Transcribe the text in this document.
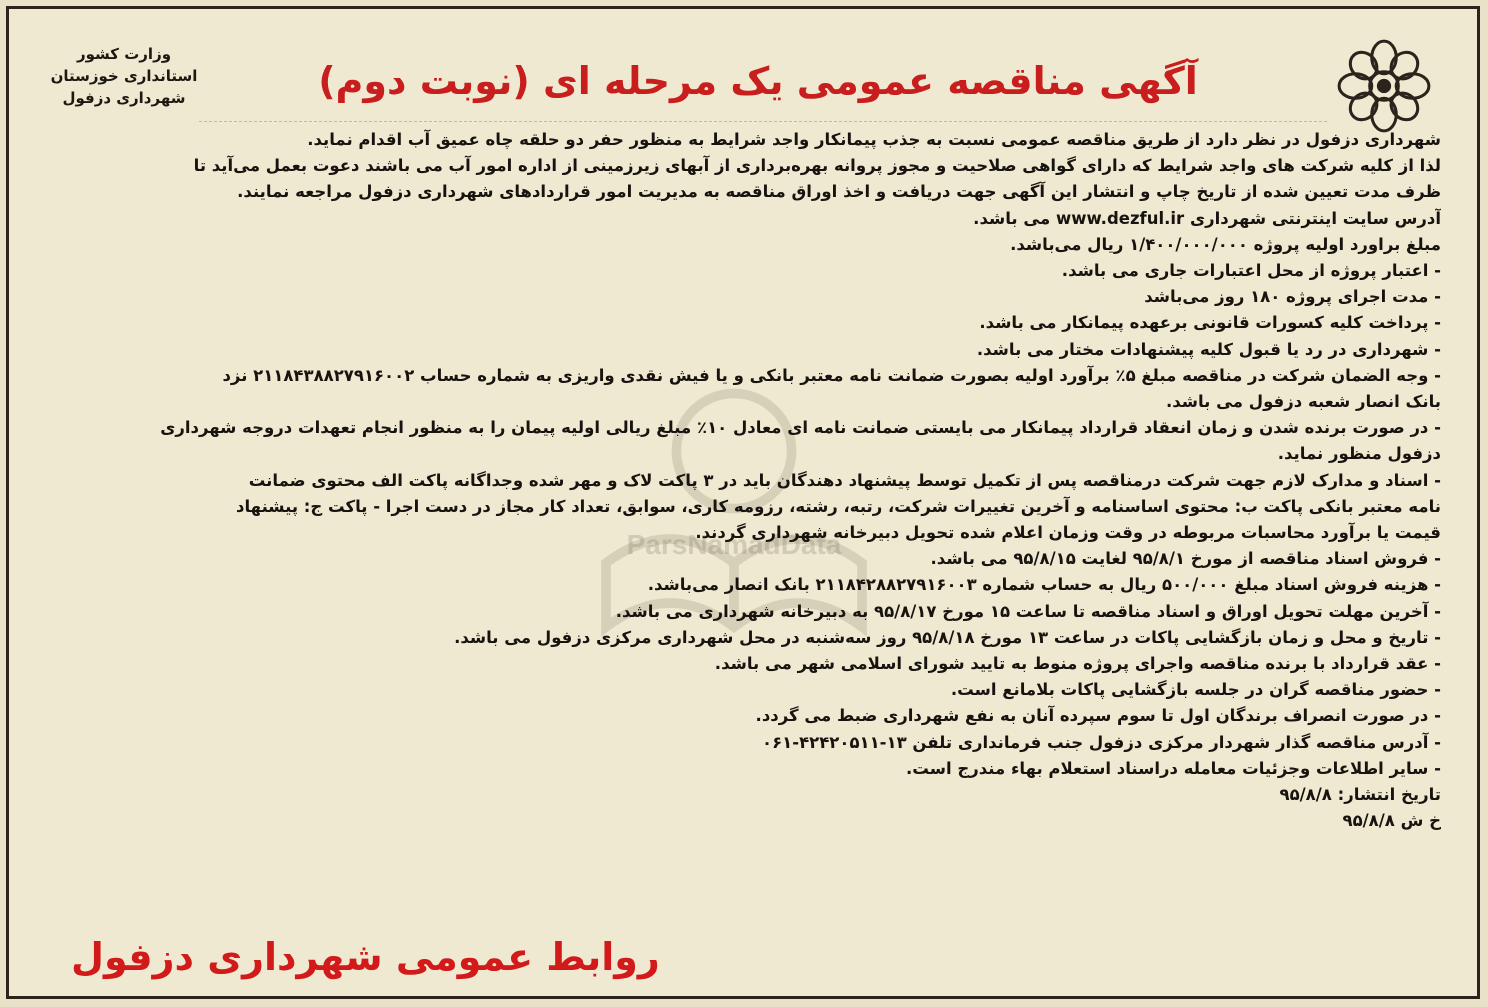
وزارت کشور
استانداری خوزستان
شهرداری دزفول	آگهی مناقصه عمومی یک مرحله ای (نوبت دوم)
ParsNamadData
شهرداری دزفول در نظر دارد از طریق مناقصه عمومی نسبت به جذب پیمانکار واجد شرایط به منظور حفر دو حلقه چاه عمیق آب اقدام نماید.
لذا از کلیه شرکت های واجد شرایط که دارای گواهی صلاحیت و مجوز پروانه بهره‌برداری از آبهای زیرزمینی از اداره امور آب می باشند دعوت بعمل می‌آید تا
ظرف مدت تعیین شده از تاریخ چاپ و انتشار این آگهی جهت دریافت و اخذ اوراق مناقصه به مدیریت امور قراردادهای شهرداری دزفول مراجعه نمایند.
آدرس سایت اینترنتی شهرداری www.dezful.ir می باشد.
مبلغ براورد اولیه پروژه ۱/۴۰۰/۰۰۰/۰۰۰ ریال می‌باشد.
- اعتبار پروژه از محل اعتبارات جاری می باشد.
- مدت اجرای پروژه ۱۸۰ روز می‌باشد
- پرداخت کلیه کسورات قانونی برعهده پیمانکار می باشد.
- شهرداری در رد یا قبول کلیه پیشنهادات مختار می باشد.
- وجه الضمان شرکت در مناقصه مبلغ ۵٪ برآورد اولیه بصورت ضمانت نامه معتبر بانکی و یا فیش نقدی واریزی به شماره حساب ۲۱۱۸۴۳۸۸۲۷۹۱۶۰۰۲ نزد
بانک انصار شعبه دزفول می باشد.
- در صورت برنده شدن و زمان انعقاد قرارداد پیمانکار می بایستی ضمانت نامه ای معادل ۱۰٪ مبلغ ریالی اولیه پیمان را به منظور انجام تعهدات دروجه شهرداری
دزفول منظور نماید.
- اسناد و مدارک لازم جهت شرکت درمناقصه پس از تکمیل توسط پیشنهاد دهندگان باید در ۳ پاکت لاک و مهر شده وجداگانه پاکت الف محتوی ضمانت
نامه معتبر بانکی پاکت ب: محتوی اساسنامه و آخرین تغییرات شرکت، رتبه، رشته، رزومه کاری، سوابق، تعداد کار مجاز در دست اجرا - پاکت ج: پیشنهاد
قیمت یا برآورد محاسبات مربوطه در وقت وزمان اعلام شده تحویل دبیرخانه شهرداری گردند.
- فروش اسناد مناقصه از مورخ ۹۵/۸/۱ لغایت ۹۵/۸/۱۵ می باشد.
- هزینه فروش اسناد مبلغ ۵۰۰/۰۰۰ ریال به حساب شماره ۲۱۱۸۴۲۸۸۲۷۹۱۶۰۰۳ بانک انصار می‌باشد.
- آخرین مهلت تحویل اوراق و اسناد مناقصه تا ساعت ۱۵ مورخ ۹۵/۸/۱۷ به دبیرخانه شهرداری می باشد.
- تاریخ و محل و زمان بازگشایی پاکات در ساعت ۱۳ مورخ ۹۵/۸/۱۸ روز سه‌شنبه در محل شهرداری مرکزی دزفول می باشد.
- عقد قرارداد با برنده مناقصه واجرای پروژه منوط به تایید شورای اسلامی شهر می باشد.
- حضور مناقصه گران در جلسه بازگشایی پاکات بلامانع است.
- در صورت انصراف برندگان اول تا سوم سپرده آنان به نفع شهرداری ضبط می گردد.
- آدرس مناقصه گذار شهردار مرکزی دزفول جنب فرمانداری تلفن ۱۳-۴۲۴۲۰۵۱۱-۰۶۱
- سایر اطلاعات وجزئیات معامله دراسناد استعلام بهاء مندرج است.
تاریخ انتشار: ۹۵/۸/۸
خ ش ۹۵/۸/۸
روابط عمومی شهرداری دزفول
